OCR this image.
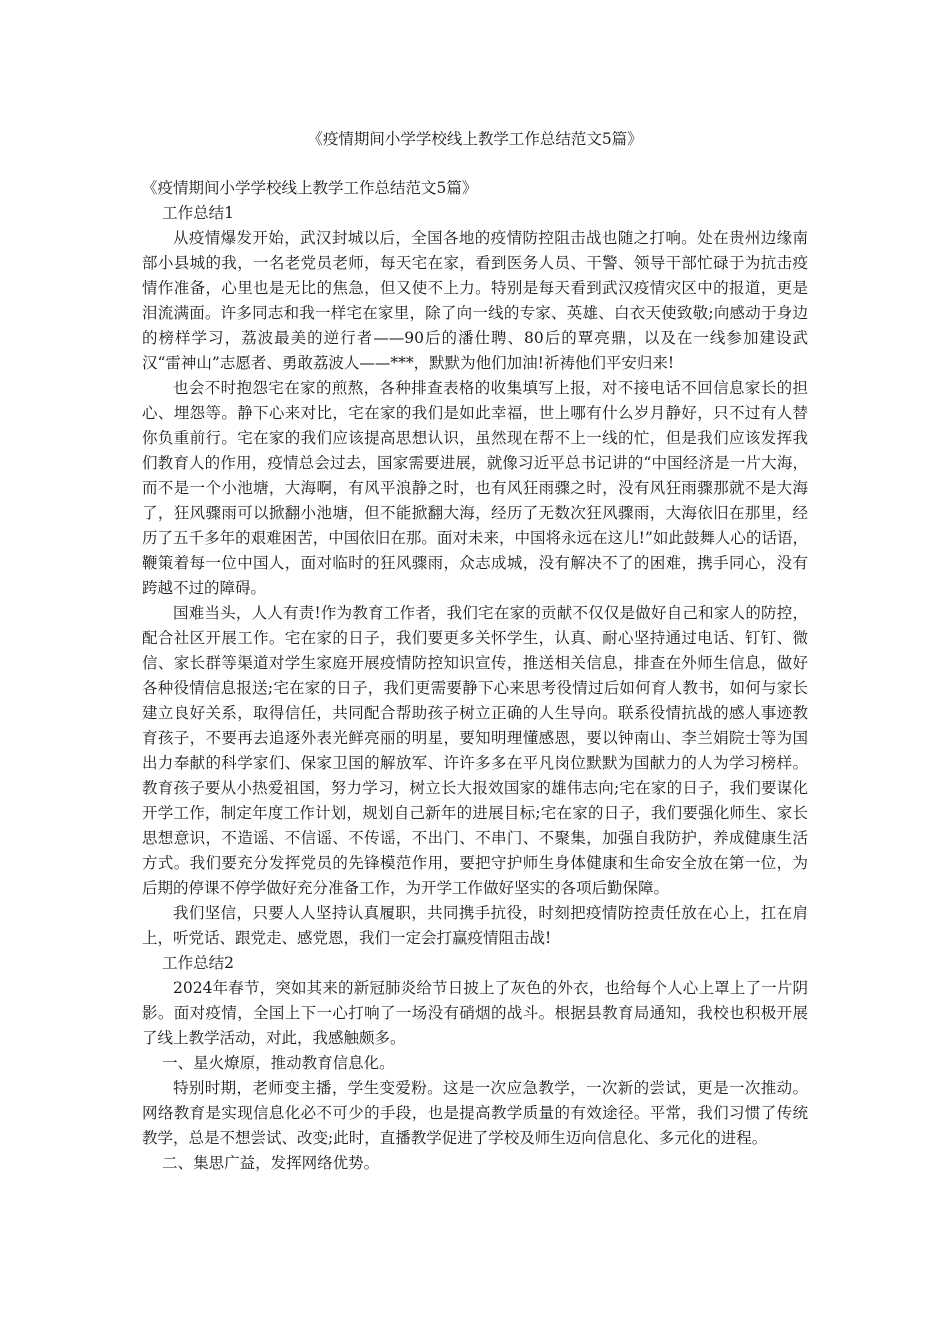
《疫情期间小学学校线上教学工作总结范文5篇》

《疫情期间小学学校线上教学工作总结范文5篇》

工作总结1

从疫情爆发开始，武汉封城以后，全国各地的疫情防控阻击战也随之打响。处在贵州边缘南部小县城的我，一名老党员老师，每天宅在家，看到医务人员、干警、领导干部忙碌于为抗击疫情作准备，心里也是无比的焦急，但又使不上力。特别是每天看到武汉疫情灾区中的报道，更是泪流满面。许多同志和我一样宅在家里，除了向一线的专家、英雄、白衣天使致敬;向感动于身边的榜样学习，荔波最美的逆行者——90后的潘仕聘、80后的覃亮鼎，以及在一线参加建设武汉“雷神山”志愿者、勇敢荔波人——***，默默为他们加油!祈祷他们平安归来!

也会不时抱怨宅在家的煎熬，各种排查表格的收集填写上报，对不接电话不回信息家长的担心、埋怨等。静下心来对比，宅在家的我们是如此幸福，世上哪有什么岁月静好，只不过有人替你负重前行。宅在家的我们应该提高思想认识，虽然现在帮不上一线的忙，但是我们应该发挥我们教育人的作用，疫情总会过去，国家需要进展，就像习近平总书记讲的“中国经济是一片大海，而不是一个小池塘，大海啊，有风平浪静之时，也有风狂雨骤之时，没有风狂雨骤那就不是大海了，狂风骤雨可以掀翻小池塘，但不能掀翻大海，经历了无数次狂风骤雨，大海依旧在那里，经历了五千多年的艰难困苦，中国依旧在那。面对未来，中国将永远在这儿!”如此鼓舞人心的话语，鞭策着每一位中国人，面对临时的狂风骤雨，众志成城，没有解决不了的困难，携手同心，没有跨越不过的障碍。

国难当头，人人有责!作为教育工作者，我们宅在家的贡献不仅仅是做好自己和家人的防控，配合社区开展工作。宅在家的日子，我们要更多关怀学生，认真、耐心坚持通过电话、钉钉、微信、家长群等渠道对学生家庭开展疫情防控知识宣传，推送相关信息，排查在外师生信息，做好各种役情信息报送;宅在家的日子，我们更需要静下心来思考役情过后如何育人教书，如何与家长建立良好关系，取得信任，共同配合帮助孩子树立正确的人生导向。联系役情抗战的感人事迹教育孩子，不要再去追逐外表光鲜亮丽的明星，要知明理懂感恩，要以钟南山、李兰娟院士等为国出力奉献的科学家们、保家卫国的解放军、许许多多在平凡岗位默默为国献力的人为学习榜样。教育孩子要从小热爱祖国，努力学习，树立长大报效国家的雄伟志向;宅在家的日子，我们要谋化开学工作，制定年度工作计划，规划自己新年的进展目标;宅在家的日子，我们要强化师生、家长思想意识，不造谣、不信谣、不传谣，不出门、不串门、不聚集，加强自我防护，养成健康生活方式。我们要充分发挥党员的先锋模范作用，要把守护师生身体健康和生命安全放在第一位，为后期的停课不停学做好充分准备工作，为开学工作做好坚实的各项后勤保障。

我们坚信，只要人人坚持认真履职，共同携手抗役，时刻把疫情防控责任放在心上，扛在肩上，听党话、跟党走、感党恩，我们一定会打赢疫情阻击战!

工作总结2

2024年春节，突如其来的新冠肺炎给节日披上了灰色的外衣，也给每个人心上罩上了一片阴影。面对疫情，全国上下一心打响了一场没有硝烟的战斗。根据县教育局通知，我校也积极开展了线上教学活动，对此，我感触颇多。

一、星火燎原，推动教育信息化。

特别时期，老师变主播，学生变爱粉。这是一次应急教学，一次新的尝试，更是一次推动。网络教育是实现信息化必不可少的手段，也是提高教学质量的有效途径。平常，我们习惯了传统教学，总是不想尝试、改变;此时，直播教学促进了学校及师生迈向信息化、多元化的进程。

二、集思广益，发挥网络优势。
